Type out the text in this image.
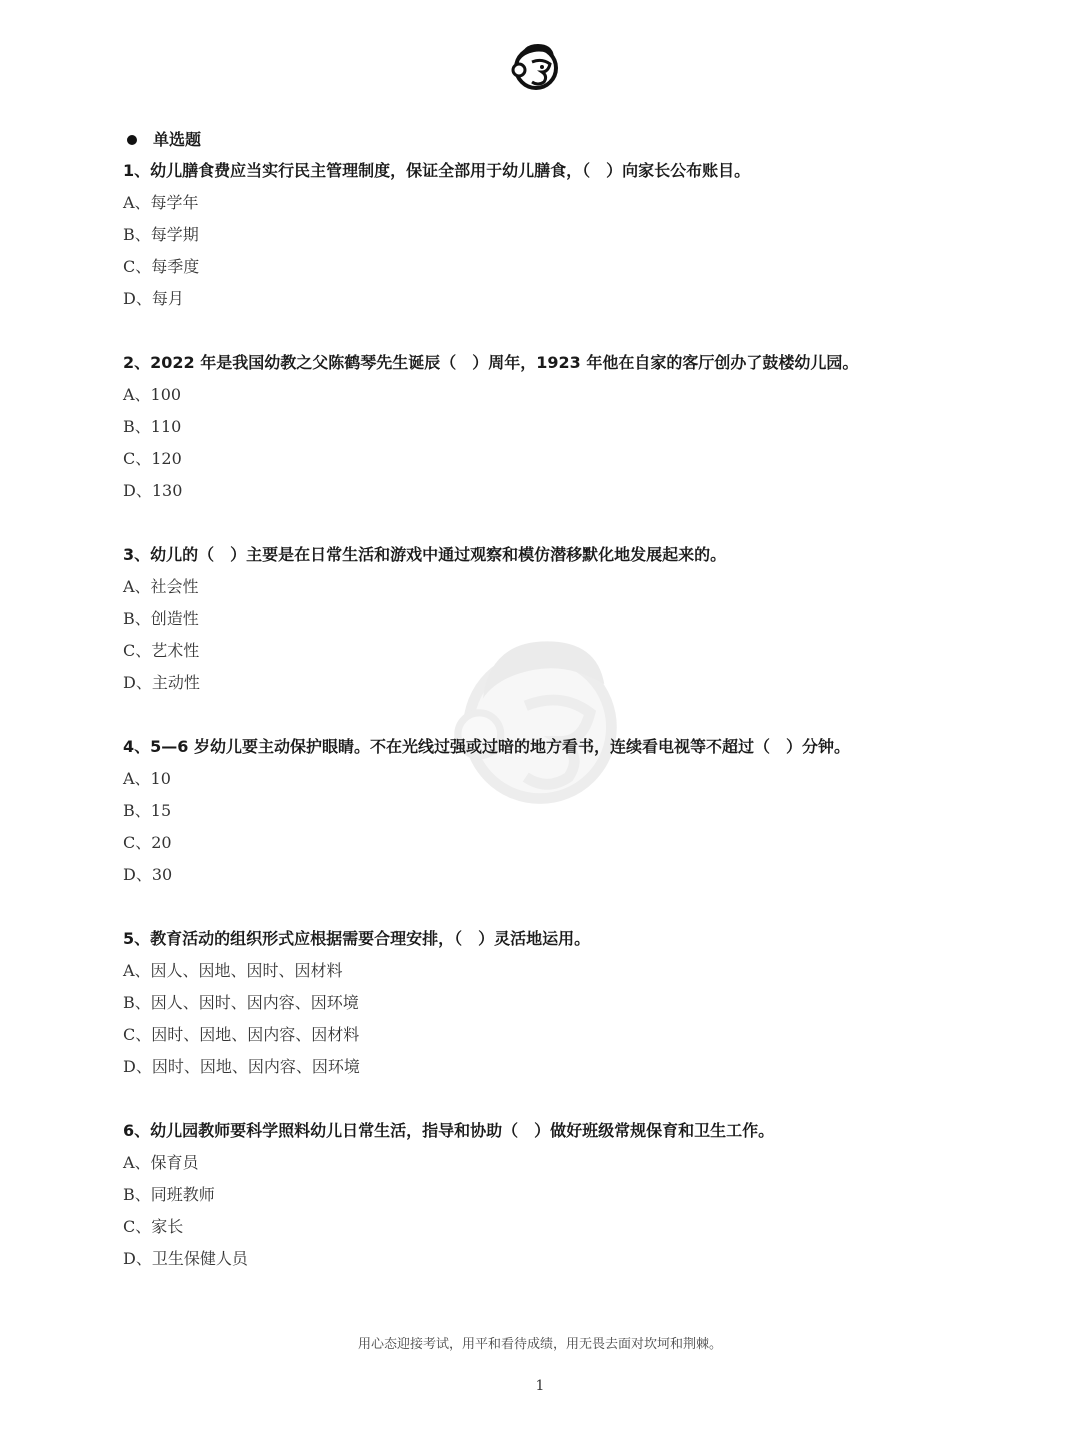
单选题
1、幼儿膳食费应当实行民主管理制度，保证全部用于幼儿膳食，（　）向家长公布账目。
A、每学年
B、每学期
C、每季度
D、每月
2、2022 年是我国幼教之父陈鹤琴先生诞辰（　）周年，1923 年他在自家的客厅创办了鼓楼幼儿园。
A、100
B、110
C、120
D、130
3、幼儿的（　）主要是在日常生活和游戏中通过观察和模仿潜移默化地发展起来的。
A、社会性
B、创造性
C、艺术性
D、主动性
4、5—6 岁幼儿要主动保护眼睛。不在光线过强或过暗的地方看书，连续看电视等不超过（　）分钟。
A、10
B、15
C、20
D、30
5、教育活动的组织形式应根据需要合理安排，（　）灵活地运用。
A、因人、因地、因时、因材料
B、因人、因时、因内容、因环境
C、因时、因地、因内容、因材料
D、因时、因地、因内容、因环境
6、幼儿园教师要科学照料幼儿日常生活，指导和协助（　）做好班级常规保育和卫生工作。
A、保育员
B、同班教师
C、家长
D、卫生保健人员
用心态迎接考试，用平和看待成绩，用无畏去面对坎坷和荆棘。
1
